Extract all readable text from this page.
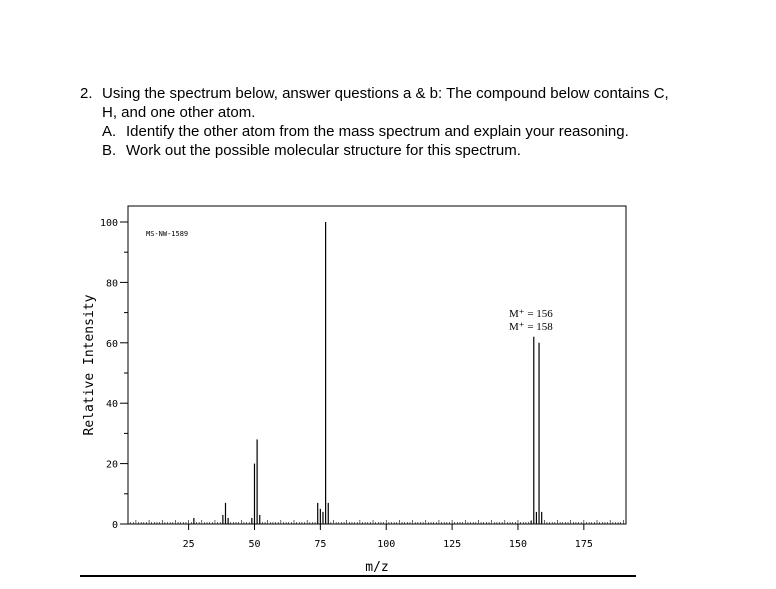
2. Using the spectrum below, answer questions a & b: The compound below contains C,
H, and one other atom.
A. Identify the other atom from the mass spectrum and explain your reasoning.
B. Work out the possible molecular structure for this spectrum.
MS-NW-1589
25	50	75	100	125	150	175
0
20
40
60
80
100
Relative Intensity
m/z
M⁺ = 156
M⁺ = 158
